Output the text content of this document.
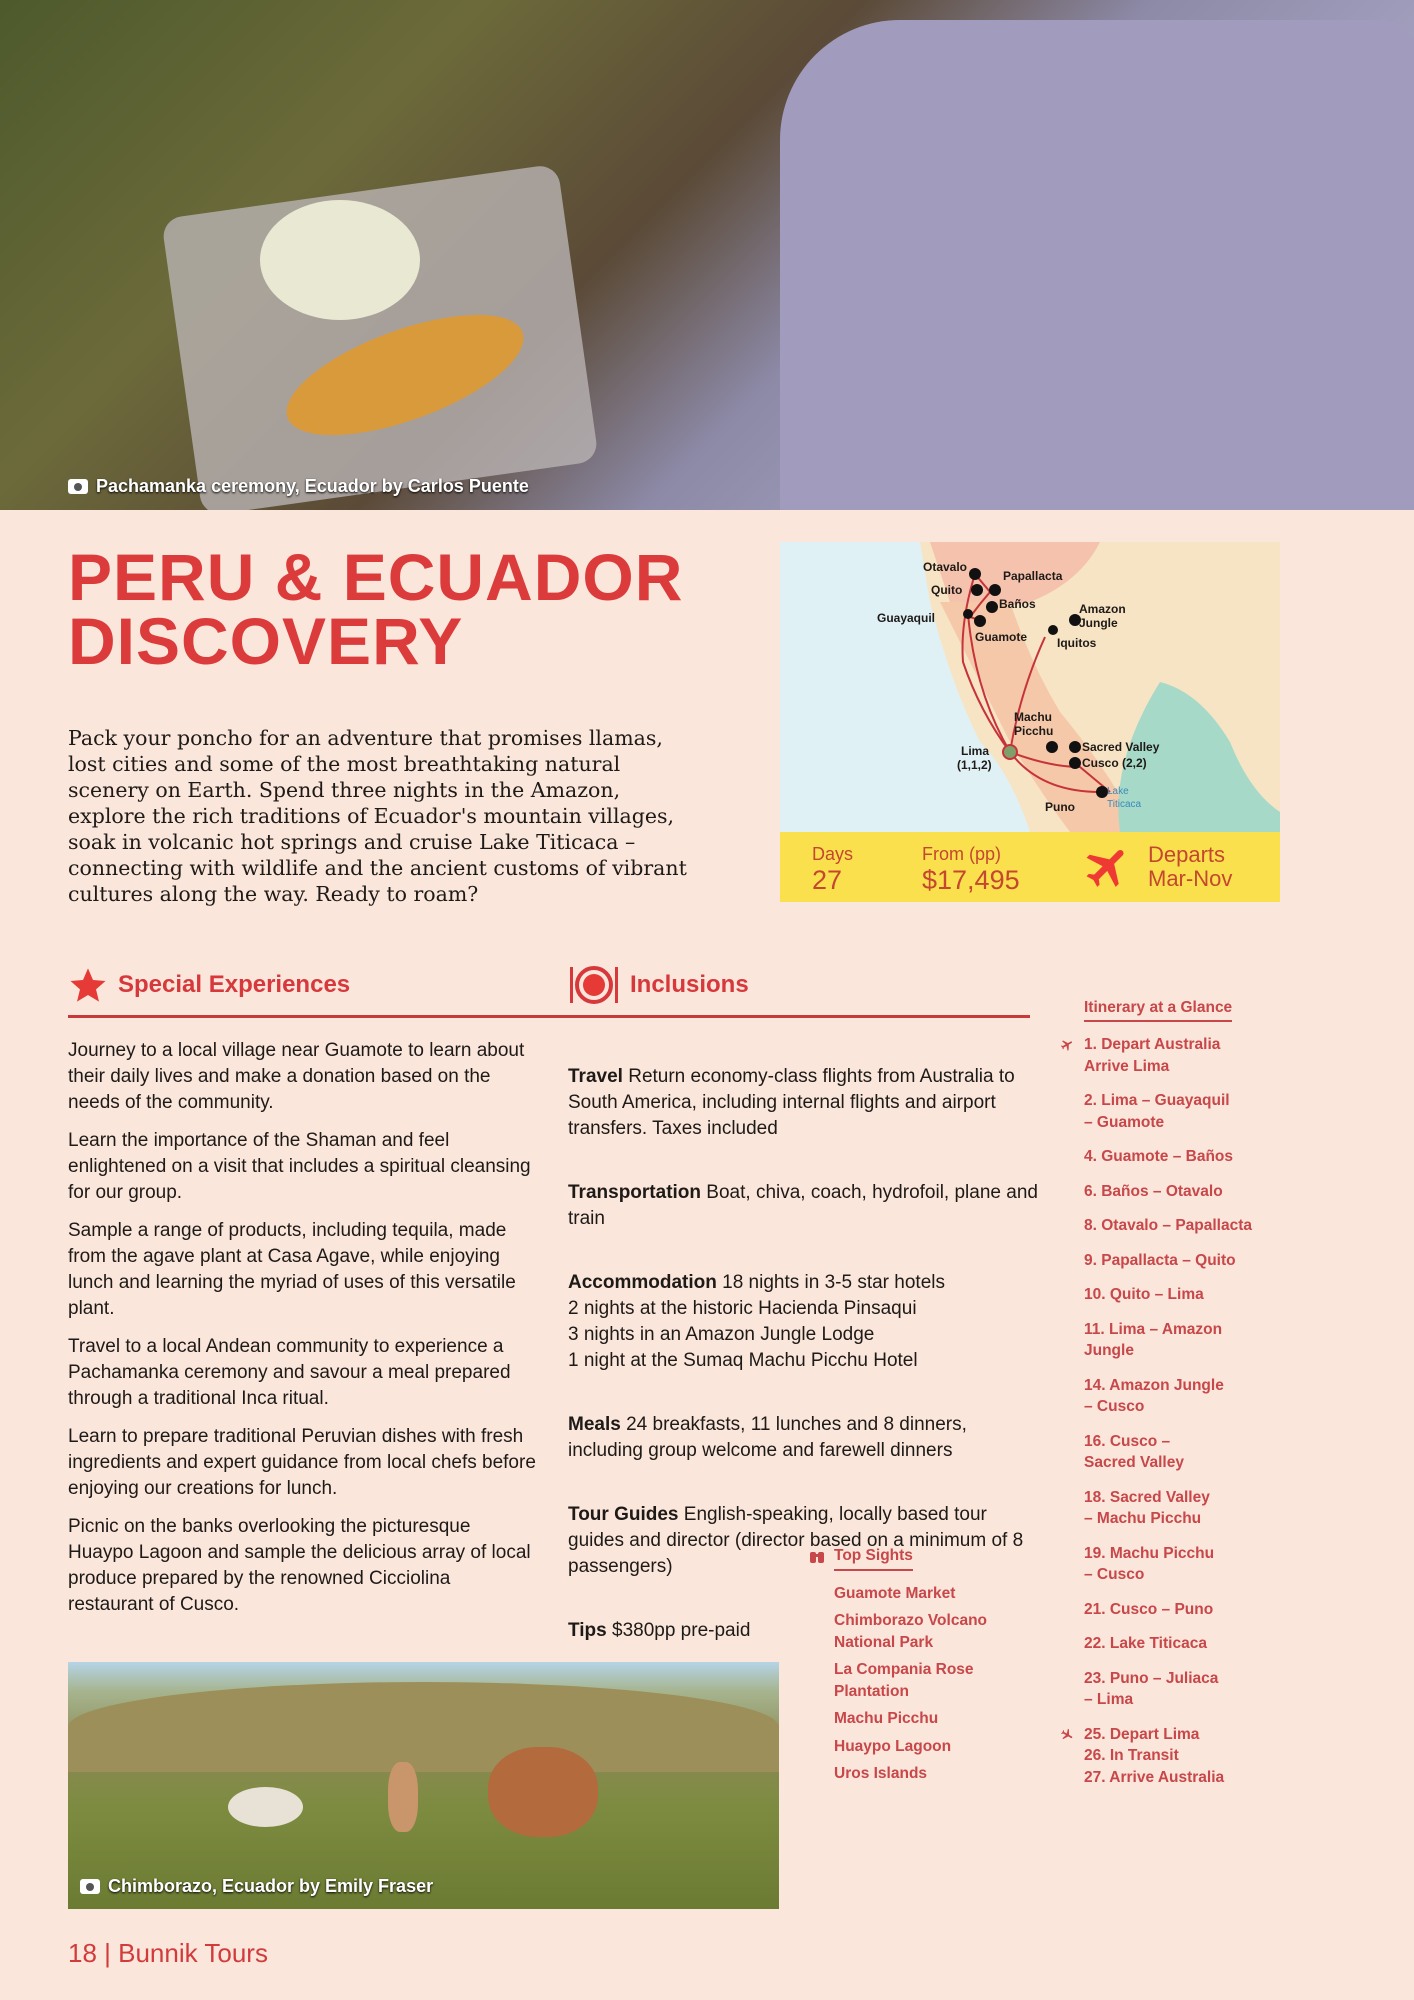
Pachamanka ceremony, Ecuador by Carlos Puente
PERU & ECUADOR
DISCOVERY
Pack your poncho for an adventure that promises llamas, lost cities and some of the most breathtaking natural scenery on Earth. Spend three nights in the Amazon, explore the rich traditions of Ecuador's mountain villages, soak in volcanic hot springs and cruise Lake Titicaca – connecting with wildlife and the ancient customs of vibrant cultures along the way. Ready to roam?
Otavalo
Papallacta
Quito
Baños
Guayaquil
Amazon
Jungle
Guamote Iquitos
Machu
Picchu
Lima
(1,1,2)
Sacred Valley
Cusco (2,2)
Puno
Lake
Titicaca
Days
27
From (pp)
$17,495
Departs
Mar-Nov
Special Experiences	Inclusions

Journey to a local village near Guamote to learn about their daily lives and make a donation based on the needs of the community.

Learn the importance of the Shaman and feel enlightened on a visit that includes a spiritual cleansing for our group.

Sample a range of products, including tequila, made from the agave plant at Casa Agave, while enjoying lunch and learning the myriad of uses of this versatile plant.

Travel to a local Andean community to experience a Pachamanka ceremony and savour a meal prepared through a traditional Inca ritual.

Learn to prepare traditional Peruvian dishes with fresh ingredients and expert guidance from local chefs before enjoying our creations for lunch.

Picnic on the banks overlooking the picturesque Huaypo Lagoon and sample the delicious array of local produce prepared by the renowned Cicciolina restaurant of Cusco.

Travel Return economy-class flights from Australia to South America, including internal flights and airport transfers. Taxes included

Transportation Boat, chiva, coach, hydrofoil, plane and train

Accommodation 18 nights in 3-5 star hotels
2 nights at the historic Hacienda Pinsaqui
3 nights in an Amazon Jungle Lodge
1 night at the Sumaq Machu Picchu Hotel

Meals 24 breakfasts, 11 lunches and 8 dinners, including group welcome and farewell dinners

Tour Guides English-speaking, locally based tour guides and director (director based on a minimum of 8 passengers)

Tips $380pp pre-paid

Itinerary at a Glance

1. Depart Australia
Arrive Lima
2. Lima – Guayaquil
– Guamote
4. Guamote – Baños
6. Baños – Otavalo
8. Otavalo – Papallacta
9. Papallacta – Quito
10. Quito – Lima
11. Lima – Amazon
Jungle
14. Amazon Jungle
– Cusco
16. Cusco –
Sacred Valley
18. Sacred Valley
– Machu Picchu
19. Machu Picchu
– Cusco
21. Cusco – Puno
22. Lake Titicaca
23. Puno – Juliaca
– Lima
25. Depart Lima
26. In Transit
27. Arrive Australia

Top Sights
Guamote Market
Chimborazo Volcano National Park
La Compania Rose Plantation
Machu Picchu
Huaypo Lagoon
Uros Islands
Chimborazo, Ecuador by Emily Fraser
18 | Bunnik Tours
